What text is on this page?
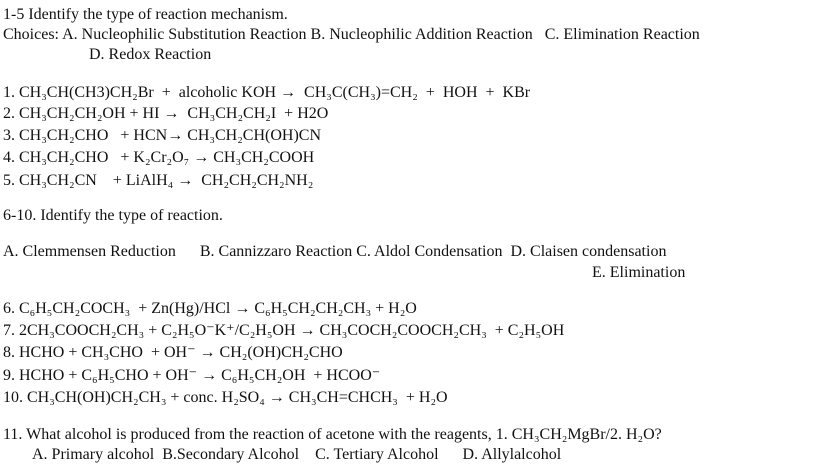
1-5 Identify the type of reaction mechanism.
Choices: A. Nucleophilic Substitution Reaction B. Nucleophilic Addition Reaction   C. Elimination Reaction
D. Redox Reaction
1. CH₃CH(CH3)CH₂Br  +  alcoholic KOH →  CH₃C(CH₃)=CH₂  +  HOH  +  KBr
2. CH₃CH₂CH₂OH + HI →  CH₃CH₂CH₂I  + H2O
3. CH₃CH₂CHO   + HCN→ CH₃CH₂CH(OH)CN
4. CH₃CH₂CHO   + K₂Cr₂O₇ → CH₃CH₂COOH
5. CH₃CH₂CN    + LiAlH₄ →  CH₂CH₂CH₂NH₂
6-10. Identify the type of reaction.
A. Clemmensen Reduction      B. Cannizzaro Reaction C. Aldol Condensation  D. Claisen condensation
E. Elimination
6. C₆H₅CH₂COCH₃  + Zn(Hg)/HCl → C₆H₅CH₂CH₂CH₃ + H₂O
7. 2CH₃COOCH₂CH₃ + C₂H₅O⁻K⁺/C₂H₅OH → CH₃COCH₂COOCH₂CH₃  + C₂H₅OH
8. HCHO + CH₃CHO  + OH⁻ → CH₂(OH)CH₂CHO
9. HCHO + C₆H₅CHO + OH⁻ → C₆H₅CH₂OH  + HCOO⁻
10. CH₃CH(OH)CH₂CH₃ + conc. H₂SO₄ → CH₃CH=CHCH₃  + H₂O
11. What alcohol is produced from the reaction of acetone with the reagents, 1. CH₃CH₂MgBr/2. H₂O?
A. Primary alcohol  B.Secondary Alcohol    C. Tertiary Alcohol      D. Allylalcohol
